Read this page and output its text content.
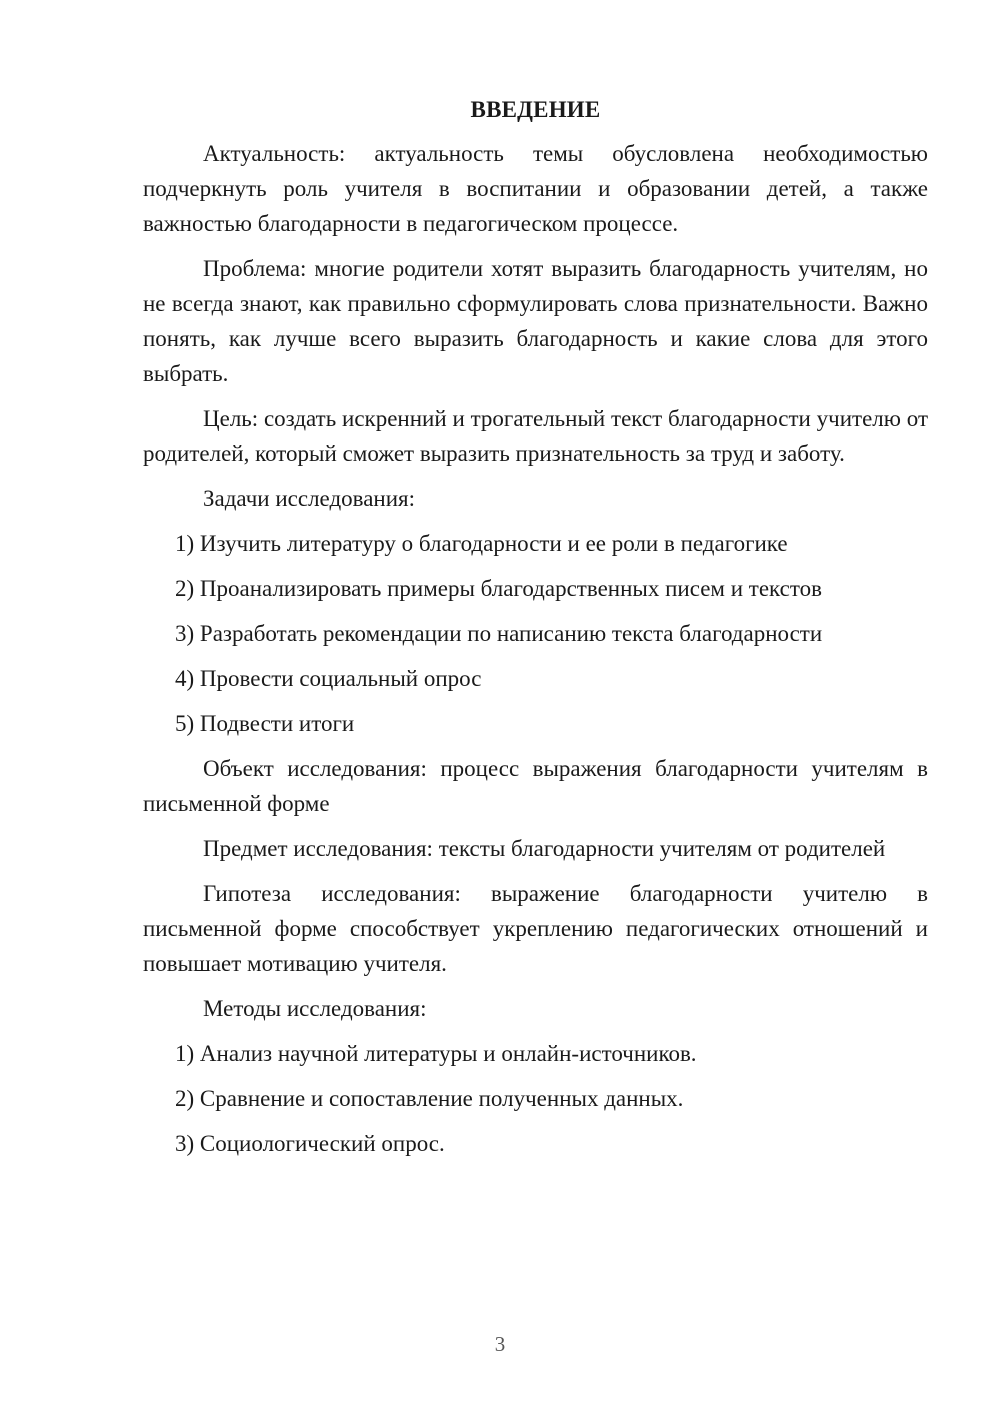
ВВЕДЕНИЕ

Актуальность: актуальность темы обусловлена необходимостью подчеркнуть роль учителя в воспитании и образовании детей, а также важностью благодарности в педагогическом процессе.

Проблема: многие родители хотят выразить благодарность учителям, но не всегда знают, как правильно сформулировать слова признательности. Важно понять, как лучше всего выразить благодарность и какие слова для этого выбрать.

Цель: создать искренний и трогательный текст благодарности учителю от родителей, который сможет выразить признательность за труд и заботу.

Задачи исследования:

1) Изучить литературу о благодарности и ее роли в педагогике
2) Проанализировать примеры благодарственных писем и текстов
3) Разработать рекомендации по написанию текста благодарности
4) Провести социальный опрос
5) Подвести итоги

Объект исследования: процесс выражения благодарности учителям в письменной форме

Предмет исследования: тексты благодарности учителям от родителей

Гипотеза исследования: выражение благодарности учителю в письменной форме способствует укреплению педагогических отношений и повышает мотивацию учителя.

Методы исследования:

1) Анализ научной литературы и онлайн-источников.
2) Сравнение и сопоставление полученных данных.
3) Социологический опрос.
3
